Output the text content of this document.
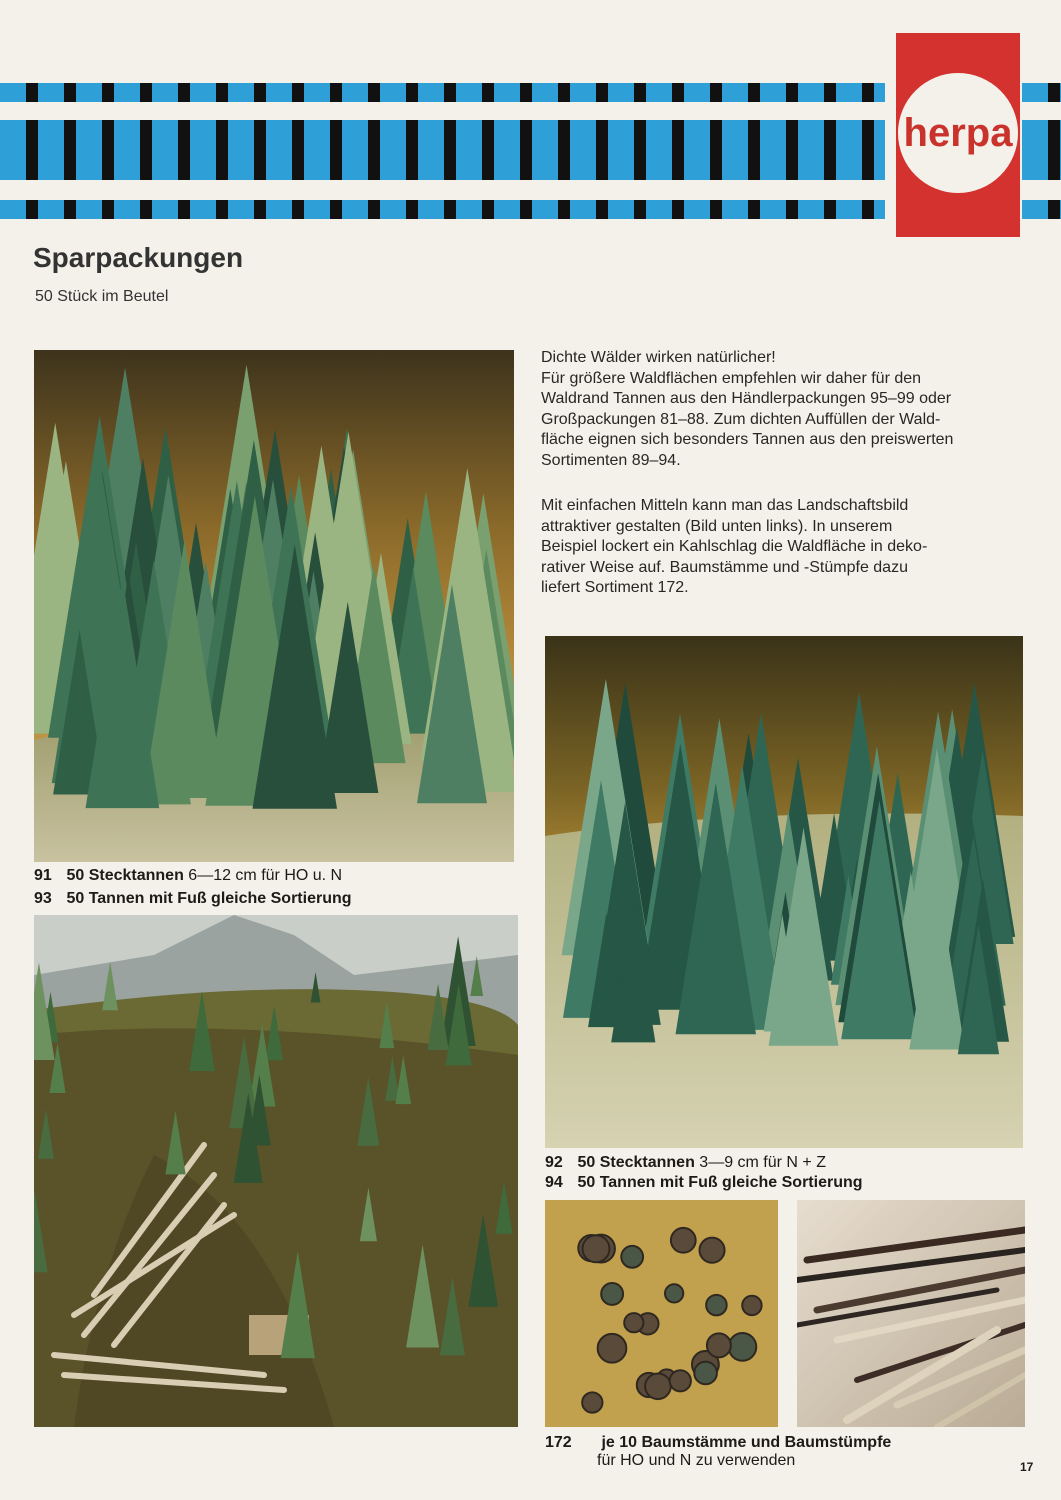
herpa
Sparpackungen
50 Stück im Beutel
Dichte Wälder wirken natürlicher!
Für größere Waldflächen empfehlen wir daher für den
Waldrand Tannen aus den Händlerpackungen 95–99 oder
Großpackungen 81–88. Zum dichten Auffüllen der Wald-
fläche eignen sich besonders Tannen aus den preiswerten
Sortimenten 89–94.
Mit einfachen Mitteln kann man das Landschaftsbild
attraktiver gestalten (Bild unten links). In unserem
Beispiel lockert ein Kahlschlag die Waldfläche in deko-
rativer Weise auf. Baumstämme und -Stümpfe dazu
liefert Sortiment 172.
91 50 Stecktannen 6—12 cm für HO u. N
93 50 Tannen mit Fuß gleiche Sortierung
92 50 Stecktannen 3—9 cm für N + Z
94 50 Tannen mit Fuß gleiche Sortierung
172 je 10 Baumstämme und Baumstümpfe
für HO und N zu verwenden	17
